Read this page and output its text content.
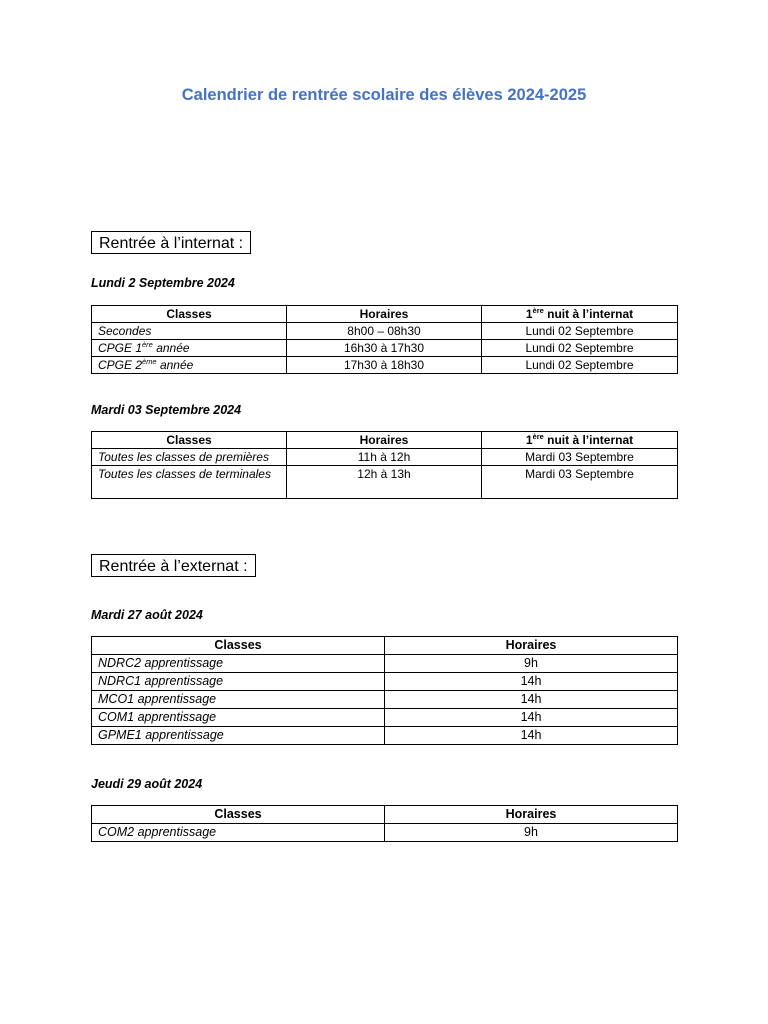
Calendrier de rentrée scolaire des élèves 2024-2025
Rentrée à l’internat :
Lundi 2 Septembre 2024
Classes	Horaires	1ère nuit à l’internat
Secondes	8h00 – 08h30	Lundi 02 Septembre
CPGE 1ère année	16h30 à 17h30	Lundi 02 Septembre
CPGE 2ème année	17h30 à 18h30	Lundi 02 Septembre
Mardi 03 Septembre 2024
Classes	Horaires	1ère nuit à l’internat
Toutes les classes de premières	11h à 12h	Mardi 03 Septembre
Toutes les classes de terminales	12h à 13h	Mardi 03 Septembre
Rentrée à l’externat :
Mardi 27 août 2024
Classes	Horaires
NDRC2 apprentissage	9h
NDRC1 apprentissage	14h
MCO1 apprentissage	14h
COM1 apprentissage	14h
GPME1 apprentissage	14h
Jeudi 29 août 2024
Classes	Horaires
COM2 apprentissage	9h
